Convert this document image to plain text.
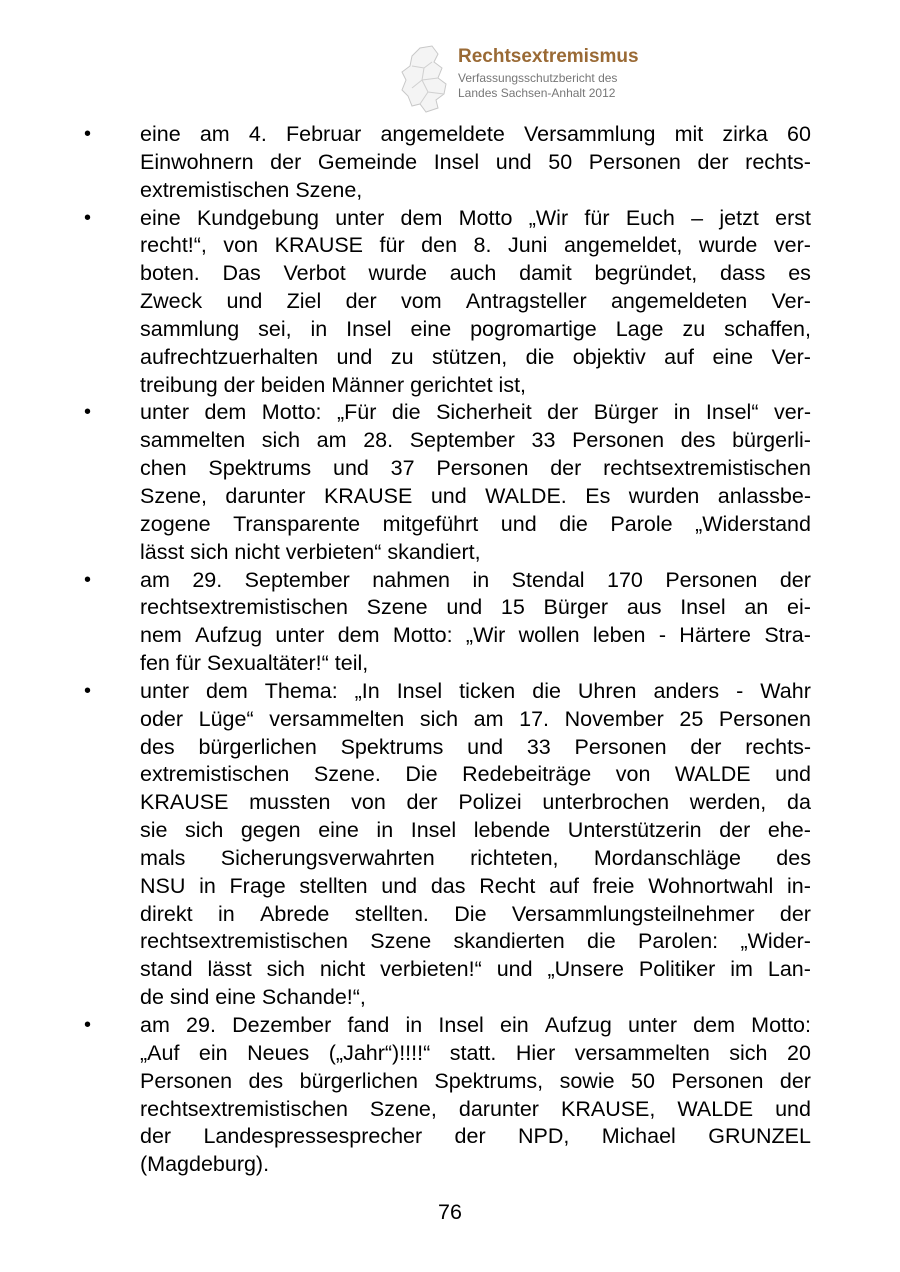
Rechtsextremismus
Verfassungsschutzbericht des
Landes Sachsen-Anhalt 2012
• eine am 4. Februar angemeldete Versammlung mit zirka 60
Einwohnern der Gemeinde Insel und 50 Personen der rechts-
extremistischen Szene,
• eine Kundgebung unter dem Motto „Wir für Euch – jetzt erst
recht!“, von KRAUSE für den 8. Juni angemeldet, wurde ver-
boten. Das Verbot wurde auch damit begründet, dass es
Zweck und Ziel der vom Antragsteller angemeldeten Ver-
sammlung sei, in Insel eine pogromartige Lage zu schaffen,
aufrechtzuerhalten und zu stützen, die objektiv auf eine Ver-
treibung der beiden Männer gerichtet ist,
• unter dem Motto: „Für die Sicherheit der Bürger in Insel“ ver-
sammelten sich am 28. September 33 Personen des bürgerli-
chen Spektrums und 37 Personen der rechtsextremistischen
Szene, darunter KRAUSE und WALDE. Es wurden anlassbe-
zogene Transparente mitgeführt und die Parole „Widerstand
lässt sich nicht verbieten“ skandiert,
• am 29. September nahmen in Stendal 170 Personen der
rechtsextremistischen Szene und 15 Bürger aus Insel an ei-
nem Aufzug unter dem Motto: „Wir wollen leben - Härtere Stra-
fen für Sexualtäter!“ teil,
• unter dem Thema: „In Insel ticken die Uhren anders - Wahr
oder Lüge“ versammelten sich am 17. November 25 Personen
des bürgerlichen Spektrums und 33 Personen der rechts-
extremistischen Szene. Die Redebeiträge von WALDE und
KRAUSE mussten von der Polizei unterbrochen werden, da
sie sich gegen eine in Insel lebende Unterstützerin der ehe-
mals Sicherungsverwahrten richteten, Mordanschläge des
NSU in Frage stellten und das Recht auf freie Wohnortwahl in-
direkt in Abrede stellten. Die Versammlungsteilnehmer der
rechtsextremistischen Szene skandierten die Parolen: „Wider-
stand lässt sich nicht verbieten!“ und „Unsere Politiker im Lan-
de sind eine Schande!“,
• am 29. Dezember fand in Insel ein Aufzug unter dem Motto:
„Auf ein Neues („Jahr“)!!!!“ statt. Hier versammelten sich 20
Personen des bürgerlichen Spektrums, sowie 50 Personen der
rechtsextremistischen Szene, darunter KRAUSE, WALDE und
der Landespressesprecher der NPD, Michael GRUNZEL
(Magdeburg).
76
